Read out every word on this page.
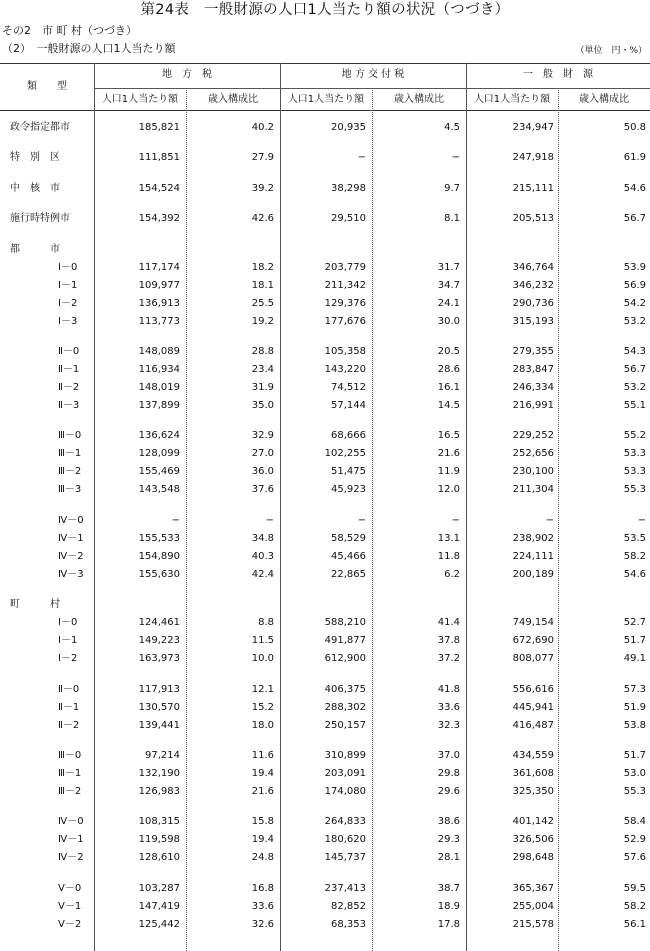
第24表　一般財源の人口1人当たり額の状況（つづき）
その2　市 町 村（つづき）
（2）　一般財源の人口1人当たり額	（単位　円・%）
類　　型
地　方　税	地 方 交 付 税	一　般　財　源
人口1人当たり額	歳入構成比	人口1人当たり額	歳入構成比	人口1人当たり額	歳入構成比
政令指定都市	185,821	40.2	20,935	4.5	234,947	50.8
特　別　区	111,851	27.9	−	−	247,918	61.9
中　核　市	154,524	39.2	38,298	9.7	215,111	54.6
施行時特例市	154,392	42.6	29,510	8.1	205,513	56.7
都　　　市
Ⅰ－0	117,174	18.2	203,779	31.7	346,764	53.9
Ⅰ－1	109,977	18.1	211,342	34.7	346,232	56.9
Ⅰ－2	136,913	25.5	129,376	24.1	290,736	54.2
Ⅰ－3	113,773	19.2	177,676	30.0	315,193	53.2
Ⅱ－0	148,089	28.8	105,358	20.5	279,355	54.3
Ⅱ－1	116,934	23.4	143,220	28.6	283,847	56.7
Ⅱ－2	148,019	31.9	74,512	16.1	246,334	53.2
Ⅱ－3	137,899	35.0	57,144	14.5	216,991	55.1
Ⅲ－0	136,624	32.9	68,666	16.5	229,252	55.2
Ⅲ－1	128,099	27.0	102,255	21.6	252,656	53.3
Ⅲ－2	155,469	36.0	51,475	11.9	230,100	53.3
Ⅲ－3	143,548	37.6	45,923	12.0	211,304	55.3
Ⅳ－0	−	−	−	−	−	−
Ⅳ－1	155,533	34.8	58,529	13.1	238,902	53.5
Ⅳ－2	154,890	40.3	45,466	11.8	224,111	58.2
Ⅳ－3	155,630	42.4	22,865	6.2	200,189	54.6
町　　　村
Ⅰ－0	124,461	8.8	588,210	41.4	749,154	52.7
Ⅰ－1	149,223	11.5	491,877	37.8	672,690	51.7
Ⅰ－2	163,973	10.0	612,900	37.2	808,077	49.1
Ⅱ－0	117,913	12.1	406,375	41.8	556,616	57.3
Ⅱ－1	130,570	15.2	288,302	33.6	445,941	51.9
Ⅱ－2	139,441	18.0	250,157	32.3	416,487	53.8
Ⅲ－0	97,214	11.6	310,899	37.0	434,559	51.7
Ⅲ－1	132,190	19.4	203,091	29.8	361,608	53.0
Ⅲ－2	126,983	21.6	174,080	29.6	325,350	55.3
Ⅳ－0	108,315	15.8	264,833	38.6	401,142	58.4
Ⅳ－1	119,598	19.4	180,620	29.3	326,506	52.9
Ⅳ－2	128,610	24.8	145,737	28.1	298,648	57.6
Ⅴ－0	103,287	16.8	237,413	38.7	365,367	59.5
Ⅴ－1	147,419	33.6	82,852	18.9	255,004	58.2
Ⅴ－2	125,442	32.6	68,353	17.8	215,578	56.1
